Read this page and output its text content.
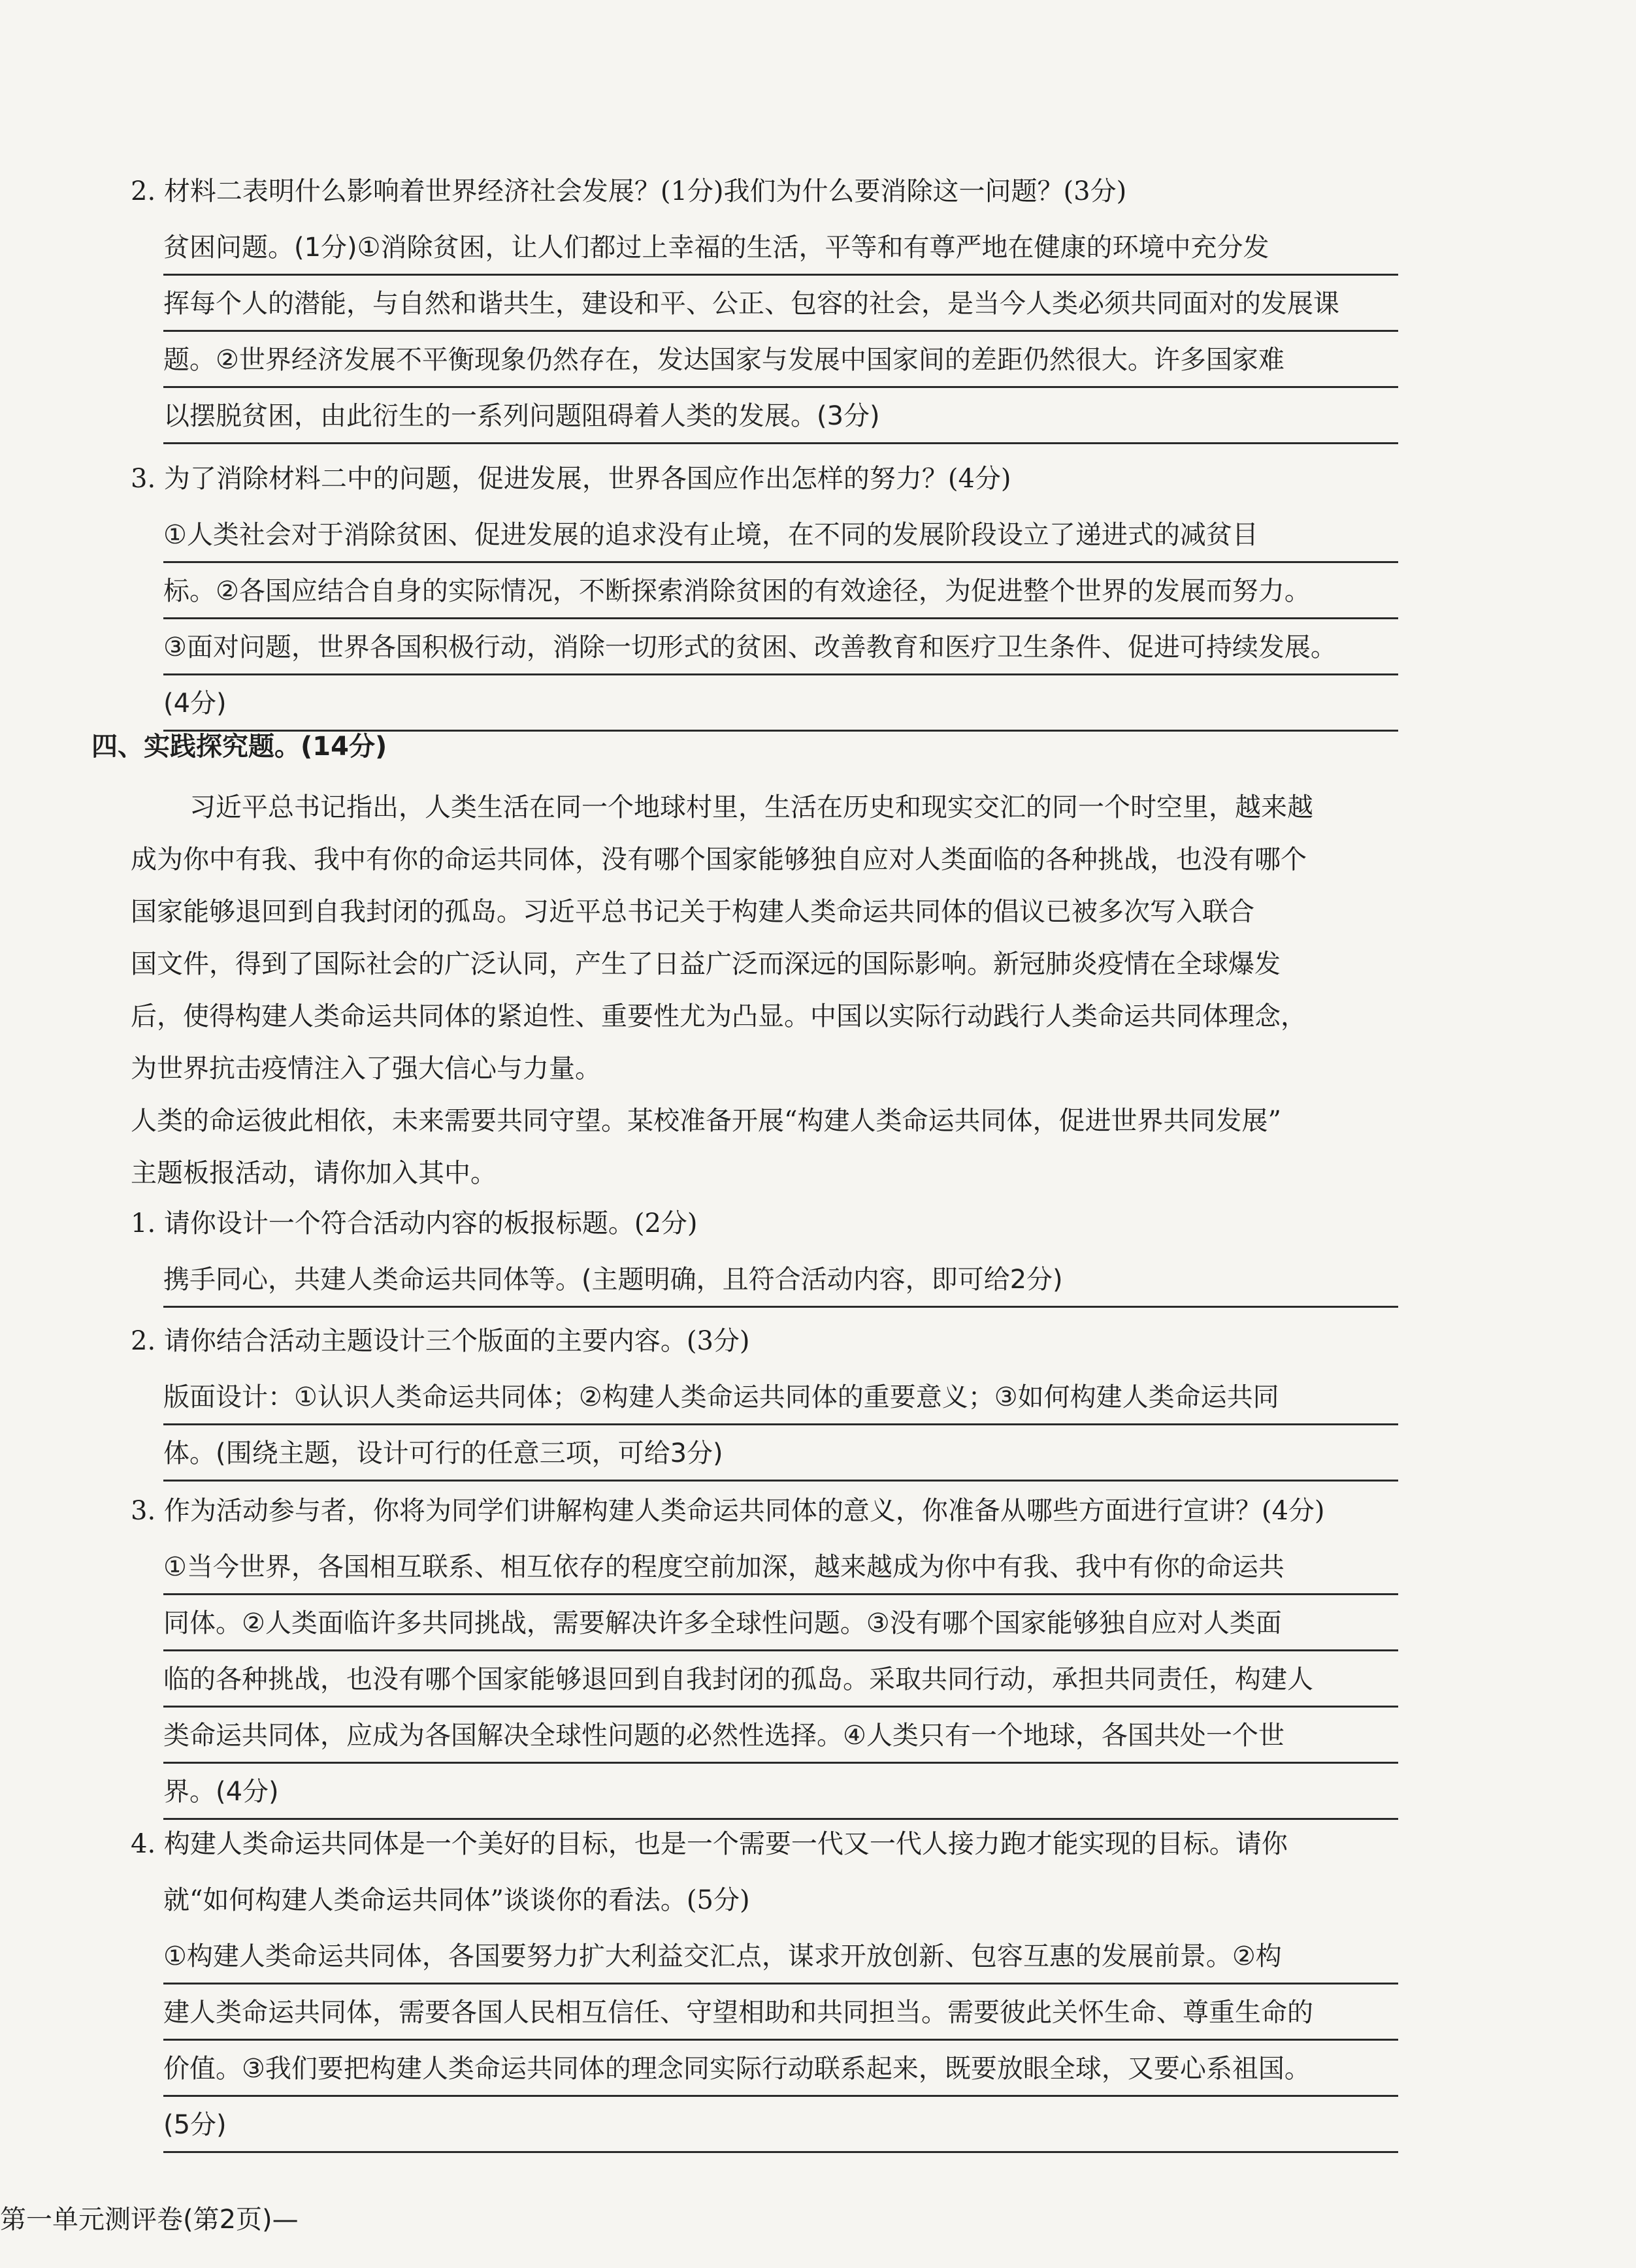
2. 材料二表明什么影响着世界经济社会发展？(1分)我们为什么要消除这一问题？(3分)
贫困问题。(1分)①消除贫困，让人们都过上幸福的生活，平等和有尊严地在健康的环境中充分发
挥每个人的潜能，与自然和谐共生，建设和平、公正、包容的社会，是当今人类必须共同面对的发展课
题。②世界经济发展不平衡现象仍然存在，发达国家与发展中国家间的差距仍然很大。许多国家难
以摆脱贫困，由此衍生的一系列问题阻碍着人类的发展。(3分)
3. 为了消除材料二中的问题，促进发展，世界各国应作出怎样的努力？(4分)
①人类社会对于消除贫困、促进发展的追求没有止境，在不同的发展阶段设立了递进式的减贫目
标。②各国应结合自身的实际情况，不断探索消除贫困的有效途径，为促进整个世界的发展而努力。
③面对问题，世界各国积极行动，消除一切形式的贫困、改善教育和医疗卫生条件、促进可持续发展。
(4分)
四、实践探究题。(14分)
习近平总书记指出，人类生活在同一个地球村里，生活在历史和现实交汇的同一个时空里，越来越
成为你中有我、我中有你的命运共同体，没有哪个国家能够独自应对人类面临的各种挑战，也没有哪个
国家能够退回到自我封闭的孤岛。习近平总书记关于构建人类命运共同体的倡议已被多次写入联合
国文件，得到了国际社会的广泛认同，产生了日益广泛而深远的国际影响。新冠肺炎疫情在全球爆发
后，使得构建人类命运共同体的紧迫性、重要性尤为凸显。中国以实际行动践行人类命运共同体理念，
为世界抗击疫情注入了强大信心与力量。
人类的命运彼此相依，未来需要共同守望。某校准备开展“构建人类命运共同体，促进世界共同发展”
主题板报活动，请你加入其中。
1. 请你设计一个符合活动内容的板报标题。(2分)
携手同心，共建人类命运共同体等。(主题明确，且符合活动内容，即可给2分)
2. 请你结合活动主题设计三个版面的主要内容。(3分)
版面设计：①认识人类命运共同体；②构建人类命运共同体的重要意义；③如何构建人类命运共同
体。(围绕主题，设计可行的任意三项，可给3分)
3. 作为活动参与者，你将为同学们讲解构建人类命运共同体的意义，你准备从哪些方面进行宣讲？(4分)
①当今世界，各国相互联系、相互依存的程度空前加深，越来越成为你中有我、我中有你的命运共
同体。②人类面临许多共同挑战，需要解决许多全球性问题。③没有哪个国家能够独自应对人类面
临的各种挑战，也没有哪个国家能够退回到自我封闭的孤岛。采取共同行动，承担共同责任，构建人
类命运共同体，应成为各国解决全球性问题的必然性选择。④人类只有一个地球，各国共处一个世
界。(4分)
4. 构建人类命运共同体是一个美好的目标，也是一个需要一代又一代人接力跑才能实现的目标。请你
就“如何构建人类命运共同体”谈谈你的看法。(5分)
①构建人类命运共同体，各国要努力扩大利益交汇点，谋求开放创新、包容互惠的发展前景。②构
建人类命运共同体，需要各国人民相互信任、守望相助和共同担当。需要彼此关怀生命、尊重生命的
价值。③我们要把构建人类命运共同体的理念同实际行动联系起来，既要放眼全球，又要心系祖国。
(5分)
第一单元测评卷(第2页)—
